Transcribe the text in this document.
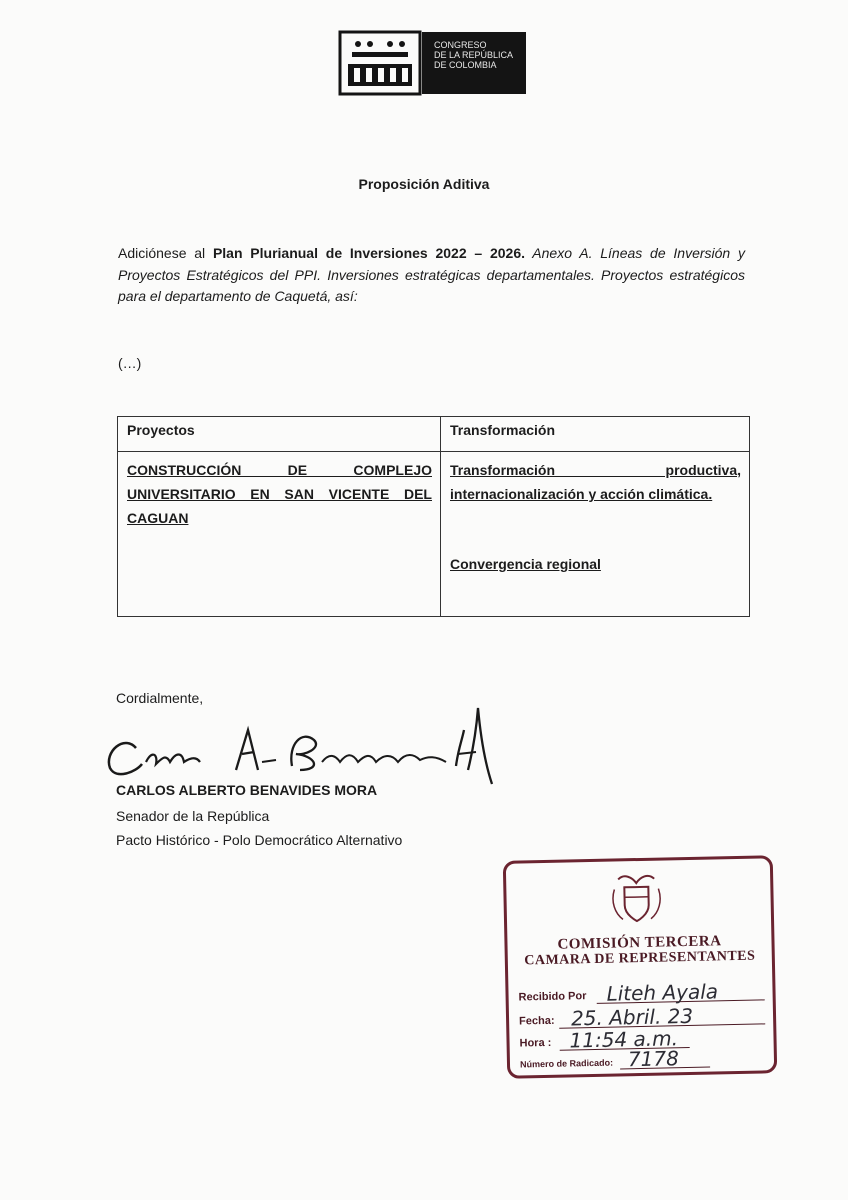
CONGRESO
DE LA REPÚBLICA
DE COLOMBIA
Proposición Aditiva
Adiciónese al Plan Plurianual de Inversiones 2022 – 2026. Anexo A. Líneas de Inversión y Proyectos Estratégicos del PPI. Inversiones estratégicas departamentales. Proyectos estratégicos para el departamento de Caquetá, así:
(…)
Proyectos	Transformación

CONSTRUCCIÓN DE COMPLEJO UNIVERSITARIO EN SAN VICENTE DEL CAGUAN	Transformación productiva,
internacionalización y acción climática.
Convergencia regional
Cordialmente,
CARLOS ALBERTO BENAVIDES MORA
Senador de la República
Pacto Histórico - Polo Democrático Alternativo
COMISIÓN TERCERA
CAMARA DE REPRESENTANTES
Recibido Por Liteh Ayala
Fecha: 25. Abril. 23
Hora : 11:54 a.m.
Número de Radicado: 7178
